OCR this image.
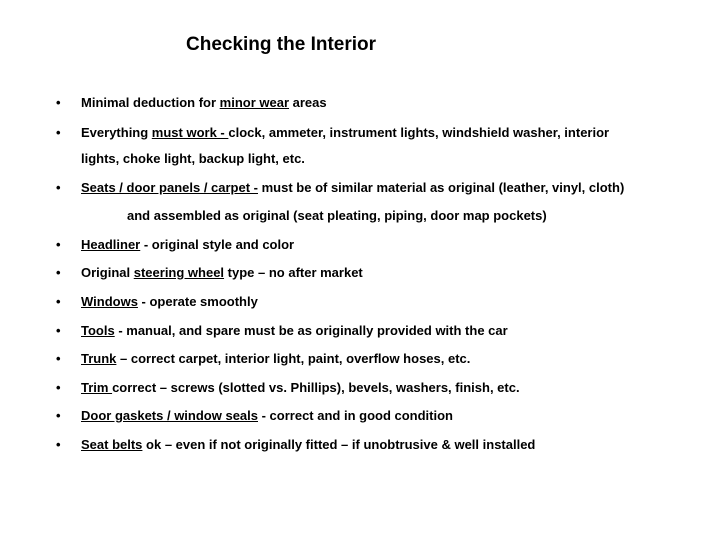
Checking the Interior
• Minimal deduction for minor wear areas
• Everything must work - clock, ammeter, instrument lights, windshield washer, interior
lights, choke light, backup light, etc.
• Seats / door panels / carpet - must be of similar material as original (leather, vinyl, cloth)
and assembled as original (seat pleating, piping, door map pockets)
• Headliner - original style and color
• Original steering wheel type – no after market
• Windows - operate smoothly
• Tools - manual, and spare must be as originally provided with the car
• Trunk – correct carpet, interior light, paint, overflow hoses, etc.
• Trim correct – screws (slotted vs. Phillips), bevels, washers, finish, etc.
• Door gaskets / window seals - correct and in good condition
• Seat belts ok – even if not originally fitted – if unobtrusive & well installed
